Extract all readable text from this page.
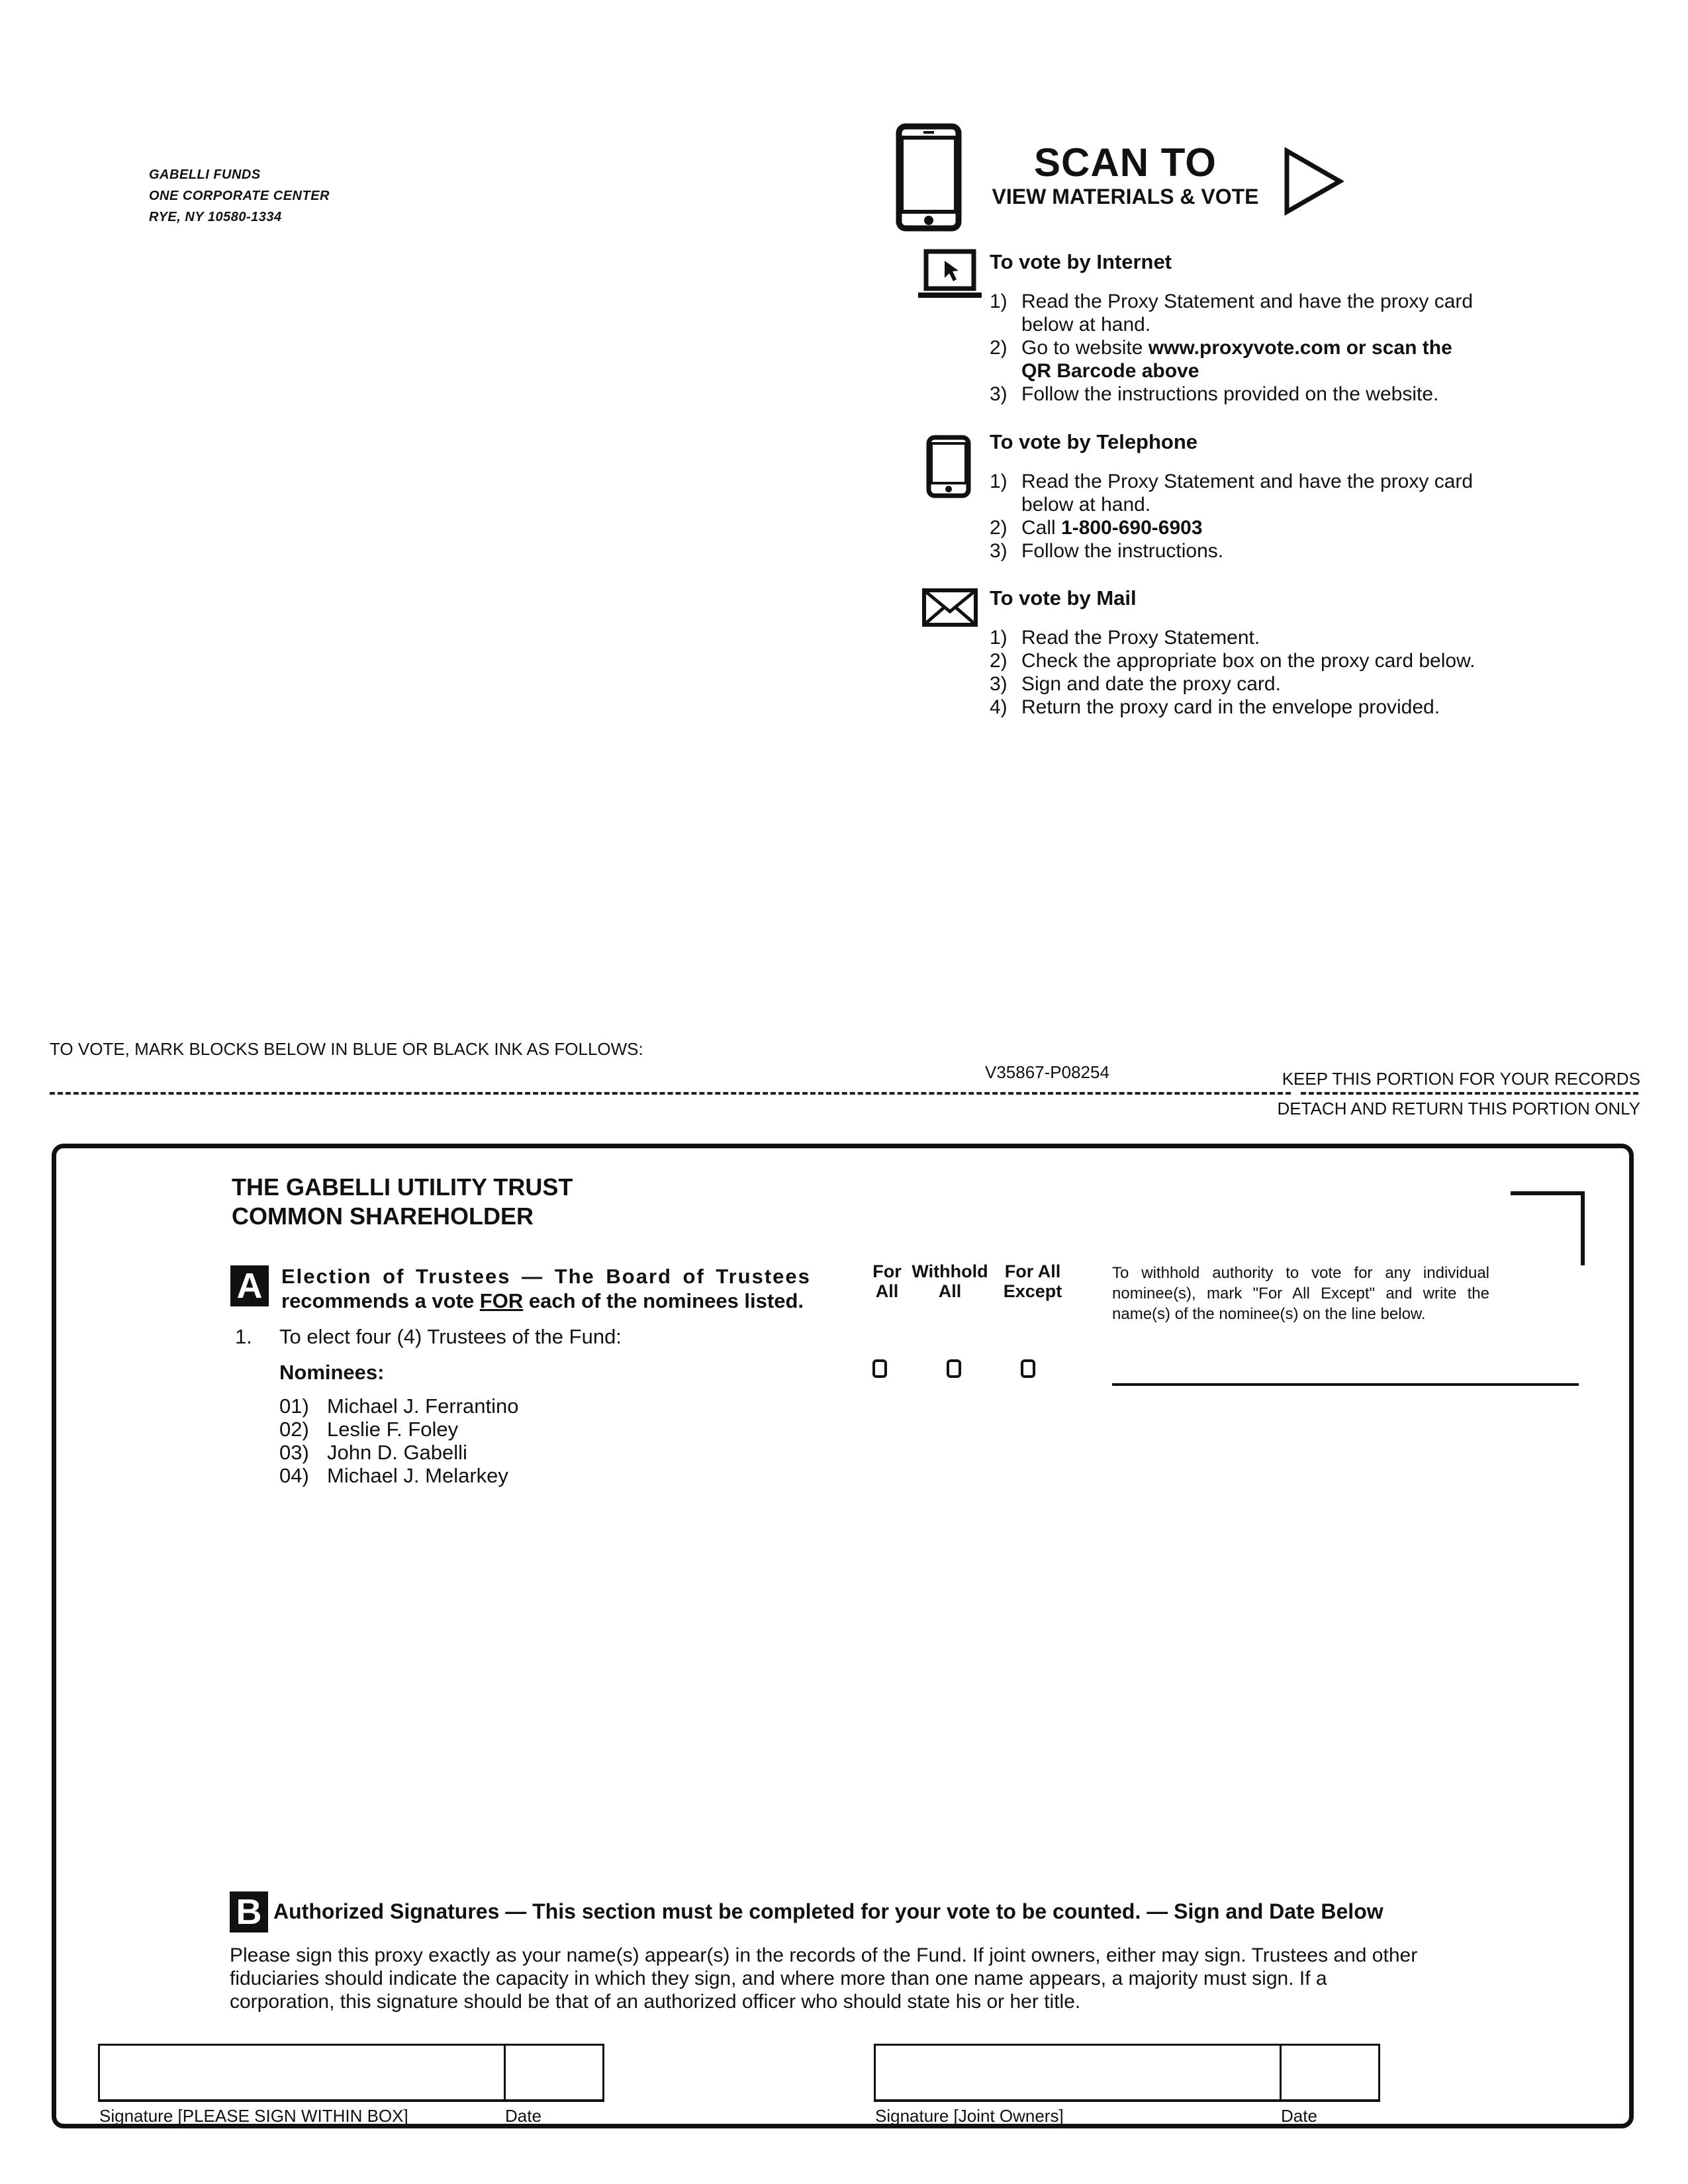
GABELLI FUNDS
ONE CORPORATE CENTER
RYE, NY 10580-1334
SCAN TO
VIEW MATERIALS & VOTE
To vote by Internet
1) Read the Proxy Statement and have the proxy card
below at hand.
2) Go to website www.proxyvote.com or scan the
QR Barcode above
3) Follow the instructions provided on the website.
To vote by Telephone
1) Read the Proxy Statement and have the proxy card
below at hand.
2) Call 1-800-690-6903
3) Follow the instructions.
To vote by Mail
1) Read the Proxy Statement.
2) Check the appropriate box on the proxy card below.
3) Sign and date the proxy card.
4) Return the proxy card in the envelope provided.
TO VOTE, MARK BLOCKS BELOW IN BLUE OR BLACK INK AS FOLLOWS:
V35867-P08254	KEEP THIS PORTION FOR YOUR RECORDS
DETACH AND RETURN THIS PORTION ONLY
THE GABELLI UTILITY TRUST
COMMON SHAREHOLDER
A Election of Trustees — The Board of Trustees
recommends a vote FOR each of the nominees listed.
For
All
Withhold
All
For All
Except
To withhold authority to vote for any individual nominee(s), mark "For All Except" and write the name(s) of the nominee(s) on the line below.
1. To elect four (4) Trustees of the Fund:
Nominees:
01) Michael J. Ferrantino
02) Leslie F. Foley
03) John D. Gabelli
04) Michael J. Melarkey
B Authorized Signatures — This section must be completed for your vote to be counted. — Sign and Date Below
Please sign this proxy exactly as your name(s) appear(s) in the records of the Fund. If joint owners, either may sign. Trustees and other fiduciaries should indicate the capacity in which they sign, and where more than one name appears, a majority must sign. If a corporation, this signature should be that of an authorized officer who should state his or her title.
Signature [PLEASE SIGN WITHIN BOX]	Date	Signature [Joint Owners]	Date
